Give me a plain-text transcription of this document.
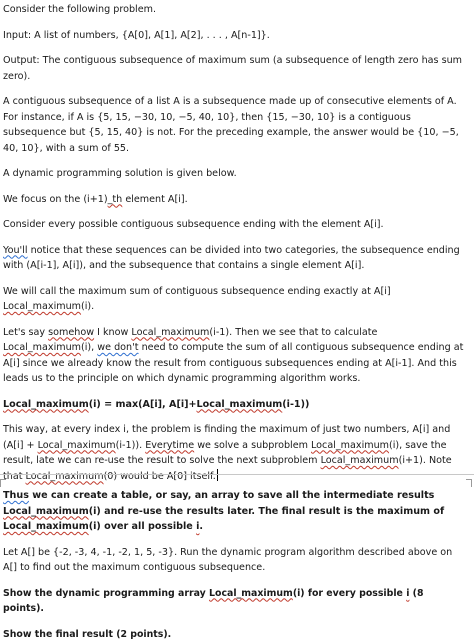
Consider the following problem.

Input: A list of numbers, {A[0], A[1], A[2], . . . , A[n-1]}.

Output: The contiguous subsequence of maximum sum (a subsequence of length zero has sum zero).

A contiguous subsequence of a list A is a subsequence made up of consecutive elements of A. For instance, if A is {5, 15, −30, 10, −5, 40, 10}, then {15, −30, 10} is a contiguous subsequence but {5, 15, 40} is not. For the preceding example, the answer would be {10, −5, 40, 10}, with a sum of 55.

A dynamic programming solution is given below.

We focus on the (i+1)_th element A[i].

Consider every possible contiguous subsequence ending with the element A[i].

You'll notice that these sequences can be divided into two categories, the subsequence ending with (A[i-1], A[i]), and the subsequence that contains a single element A[i].

We will call the maximum sum of contiguous subsequence ending exactly at A[i] Local_maximum(i).

Let's say somehow I know Local_maximum(i-1). Then we see that to calculate Local_maximum(i), we don't need to compute the sum of all contiguous subsequence ending at A[i] since we already know the result from contiguous subsequences ending at A[i-1]. And this leads us to the principle on which dynamic programming algorithm works.

Local_maximum(i) = max(A[i], A[i]+Local_maximum(i-1))

This way, at every index i, the problem is finding the maximum of just two numbers, A[i] and (A[i] + Local_maximum(i-1)). Everytime we solve a subproblem Local_maximum(i), save the result, late we can re-use the result to solve the next subproblem Local_maximum(i+1). Note that Local_maximum(0) would be A[0] itself.

Thus we can create a table, or say, an array to save all the intermediate results Local_maximum(i) and re-use the results later. The final result is the maximum of Local_maximum(i) over all possible i.

Let A[] be {-2, -3, 4, -1, -2, 1, 5, -3}. Run the dynamic program algorithm described above on A[] to find out the maximum contiguous subsequence.

Show the dynamic programming array Local_maximum(i) for every possible i (8 points).

Show the final result (2 points).
